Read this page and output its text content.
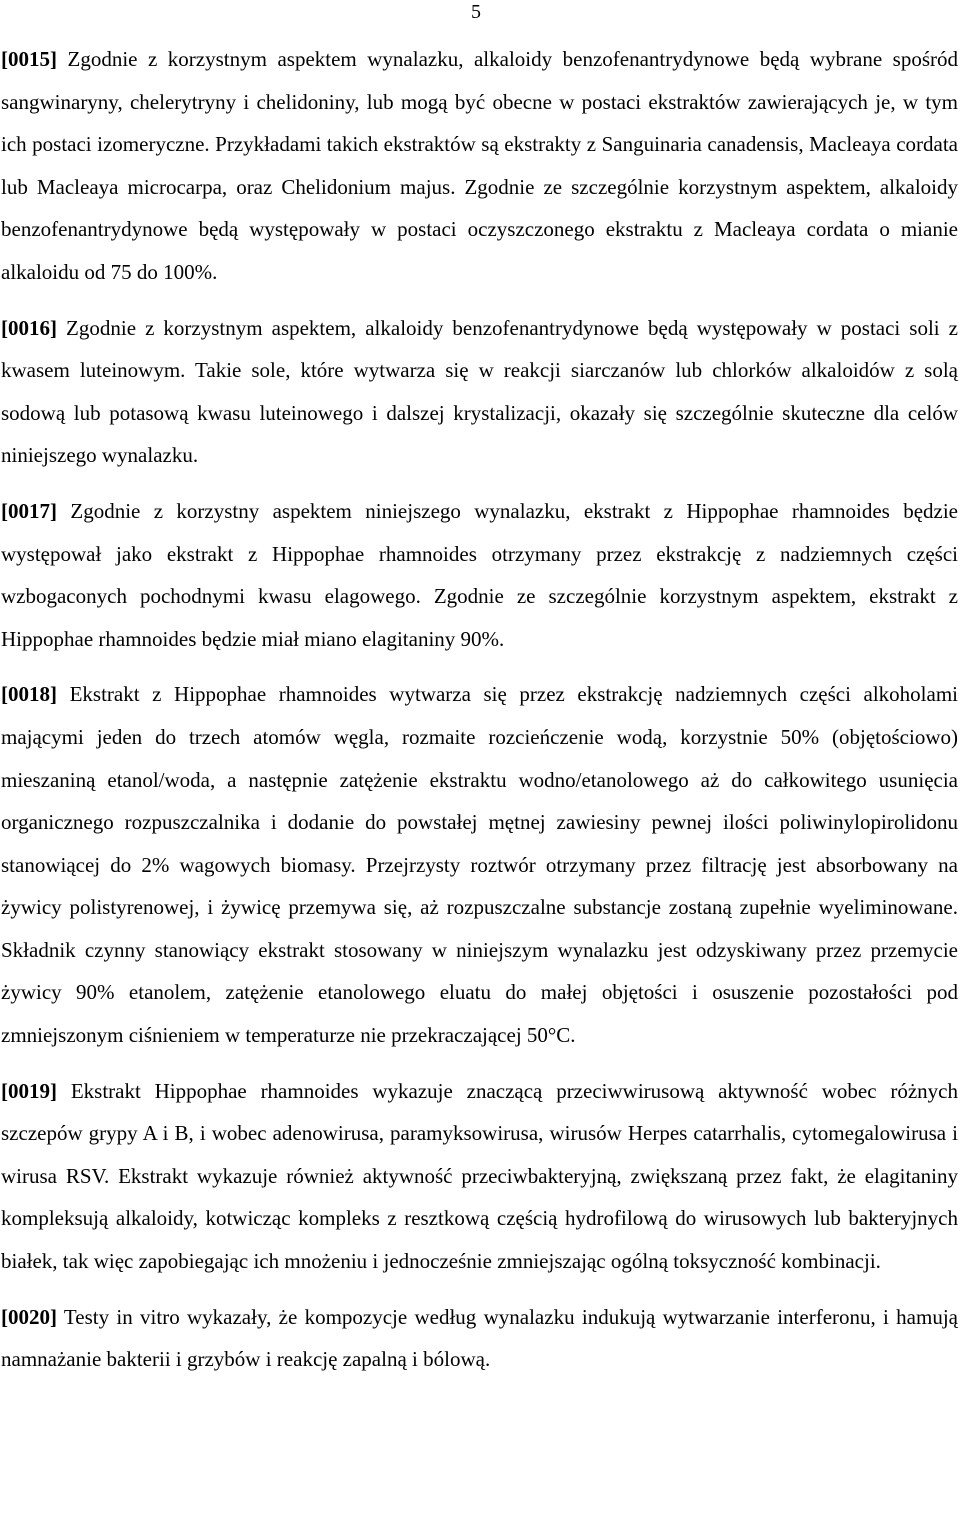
5

[0015] Zgodnie z korzystnym aspektem wynalazku, alkaloidy benzofenantrydynowe będą wybrane spośród sangwinaryny, chelerytryny i chelidoniny, lub mogą być obecne w postaci ekstraktów zawierających je, w tym ich postaci izomeryczne. Przykładami takich ekstraktów są ekstrakty z Sanguinaria canadensis, Macleaya cordata lub Macleaya microcarpa, oraz Chelidonium majus. Zgodnie ze szczególnie korzystnym aspektem, alkaloidy benzofenantrydynowe będą występowały w postaci oczyszczonego ekstraktu z Macleaya cordata o mianie alkaloidu od 75 do 100%.

[0016] Zgodnie z korzystnym aspektem, alkaloidy benzofenantrydynowe będą występowały w postaci soli z kwasem luteinowym. Takie sole, które wytwarza się w reakcji siarczanów lub chlorków alkaloidów z solą sodową lub potasową kwasu luteinowego i dalszej krystalizacji, okazały się szczególnie skuteczne dla celów niniejszego wynalazku.

[0017] Zgodnie z korzystny aspektem niniejszego wynalazku, ekstrakt z Hippophae rhamnoides będzie występował jako ekstrakt z Hippophae rhamnoides otrzymany przez ekstrakcję z nadziemnych części wzbogaconych pochodnymi kwasu elagowego. Zgodnie ze szczególnie korzystnym aspektem, ekstrakt z Hippophae rhamnoides będzie miał miano elagitaniny 90%.

[0018] Ekstrakt z Hippophae rhamnoides wytwarza się przez ekstrakcję nadziemnych części alkoholami mającymi jeden do trzech atomów węgla, rozmaite rozcieńczenie wodą, korzystnie 50% (objętościowo) mieszaniną etanol/woda, a następnie zatężenie ekstraktu wodno/etanolowego aż do całkowitego usunięcia organicznego rozpuszczalnika i dodanie do powstałej mętnej zawiesiny pewnej ilości poliwinylopirolidonu stanowiącej do 2% wagowych biomasy. Przejrzysty roztwór otrzymany przez filtrację jest absorbowany na żywicy polistyrenowej, i żywicę przemywa się, aż rozpuszczalne substancje zostaną zupełnie wyeliminowane. Składnik czynny stanowiący ekstrakt stosowany w niniejszym wynalazku jest odzyskiwany przez przemycie żywicy 90% etanolem, zatężenie etanolowego eluatu do małej objętości i osuszenie pozostałości pod zmniejszonym ciśnieniem w temperaturze nie przekraczającej 50°C.

[0019] Ekstrakt Hippophae rhamnoides wykazuje znaczącą przeciwwirusową aktywność wobec różnych szczepów grypy A i B, i wobec adenowirusa, paramyksowirusa, wirusów Herpes catarrhalis, cytomegalowirusa i wirusa RSV. Ekstrakt wykazuje również aktywność przeciwbakteryjną, zwiększaną przez fakt, że elagitaniny kompleksują alkaloidy, kotwicząc kompleks z resztkową częścią hydrofilową do wirusowych lub bakteryjnych białek, tak więc zapobiegając ich mnożeniu i jednocześnie zmniejszając ogólną toksyczność kombinacji.

[0020] Testy in vitro wykazały, że kompozycje według wynalazku indukują wytwarzanie interferonu, i hamują namnażanie bakterii i grzybów i reakcję zapalną i bólową.
